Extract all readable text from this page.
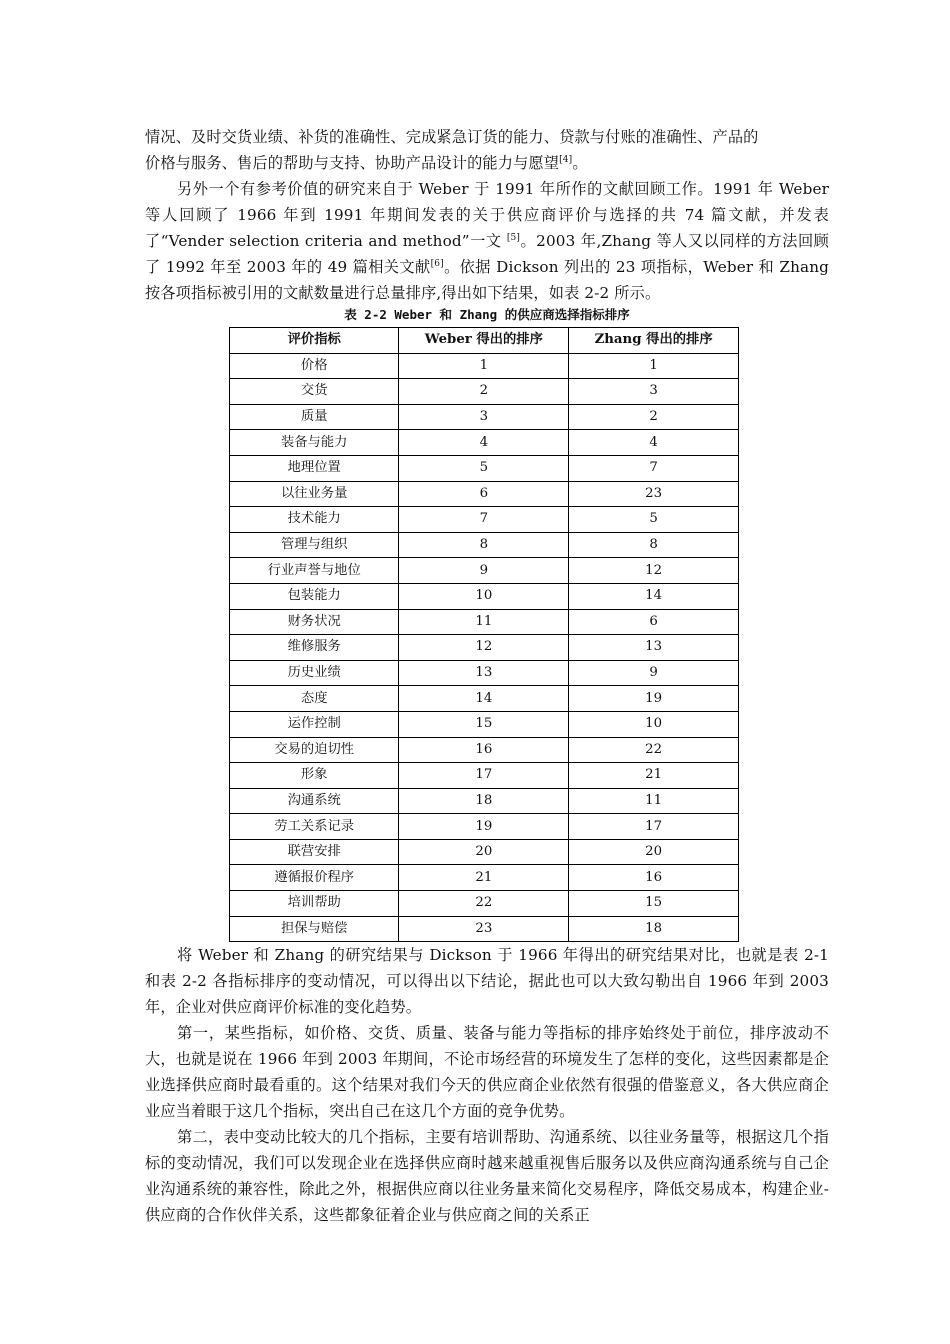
情况、及时交货业绩、补货的准确性、完成紧急订货的能力、贷款与付账的准确性、产品的
价格与服务、售后的帮助与支持、协助产品设计的能力与愿望[4]。

另外一个有参考价值的研究来自于 Weber 于 1991 年所作的文献回顾工作。1991 年 Weber 等人回顾了 1966 年到 1991 年期间发表的关于供应商评价与选择的共 74 篇文献，并发表了“Vender selection criteria and method”一文 [5]。2003 年,Zhang 等人又以同样的方法回顾了 1992 年至 2003 年的 49 篇相关文献[6]。依据 Dickson 列出的 23 项指标，Weber 和 Zhang 按各项指标被引用的文献数量进行总量排序,得出如下结果，如表 2-2 所示。

表 2-2 Weber 和 Zhang 的供应商选择指标排序
评价指标	Weber 得出的排序	Zhang 得出的排序
价格	1	1
交货	2	3
质量	3	2
装备与能力	4	4
地理位置	5	7
以往业务量	6	23
技术能力	7	5
管理与组织	8	8
行业声誉与地位	9	12
包装能力	10	14
财务状况	11	6
维修服务	12	13
历史业绩	13	9
态度	14	19
运作控制	15	10
交易的迫切性	16	22
形象	17	21
沟通系统	18	11
劳工关系记录	19	17
联营安排	20	20
遵循报价程序	21	16
培训帮助	22	15
担保与赔偿	23	18

将 Weber 和 Zhang 的研究结果与 Dickson 于 1966 年得出的研究结果对比，也就是表 2-1 和表 2-2 各指标排序的变动情况，可以得出以下结论，据此也可以大致勾勒出自 1966 年到 2003 年，企业对供应商评价标准的变化趋势。

第一，某些指标，如价格、交货、质量、装备与能力等指标的排序始终处于前位，排序波动不大，也就是说在 1966 年到 2003 年期间，不论市场经营的环境发生了怎样的变化，这些因素都是企业选择供应商时最看重的。这个结果对我们今天的供应商企业依然有很强的借鉴意义，各大供应商企业应当着眼于这几个指标，突出自己在这几个方面的竞争优势。

第二，表中变动比较大的几个指标，主要有培训帮助、沟通系统、以往业务量等，根据这几个指标的变动情况，我们可以发现企业在选择供应商时越来越重视售后服务以及供应商沟通系统与自己企业沟通系统的兼容性，除此之外，根据供应商以往业务量来简化交易程序，降低交易成本，构建企业-供应商的合作伙伴关系，这些都象征着企业与供应商之间的关系正
